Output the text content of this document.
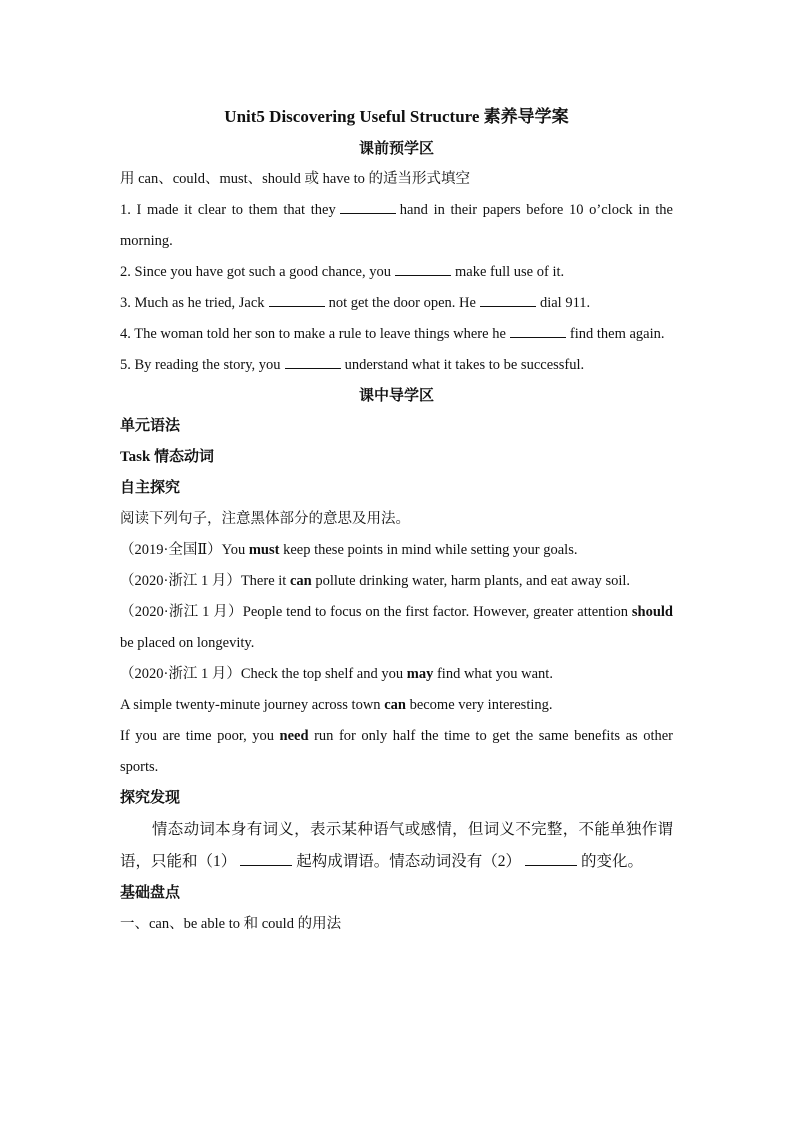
Unit5 Discovering Useful Structure 素养导学案

课前预学区

用 can、could、must、should 或 have to 的适当形式填空

1. I made it clear to them that they	hand in their papers before 10 o’clock in the morning.

2. Since you have got such a good chance, you	make full use of it.

3. Much as he tried, Jack	not get the door open. He	dial 911.

4. The woman told her son to make a rule to leave things where he	find them again.

5. By reading the story, you	understand what it takes to be successful.

课中导学区

单元语法

Task 情态动词

自主探究

阅读下列句子，注意黑体部分的意思及用法。

（2019·全国Ⅱ）You must keep these points in mind while setting your goals.

（2020·浙江 1 月）There it can pollute drinking water, harm plants, and eat away soil.

（2020·浙江 1 月）People tend to focus on the first factor. However, greater attention should be placed on longevity.

（2020·浙江 1 月）Check the top shelf and you may find what you want.

A simple twenty-minute journey across town can become very interesting.

If you are time poor, you need run for only half the time to get the same benefits as other sports.

探究发现

情态动词本身有词义，表示某种语气或感情，但词义不完整，不能单独作谓语，只能和（1）	起构成谓语。情态动词没有（2）	的变化。

基础盘点

一、can、be able to 和 could 的用法
